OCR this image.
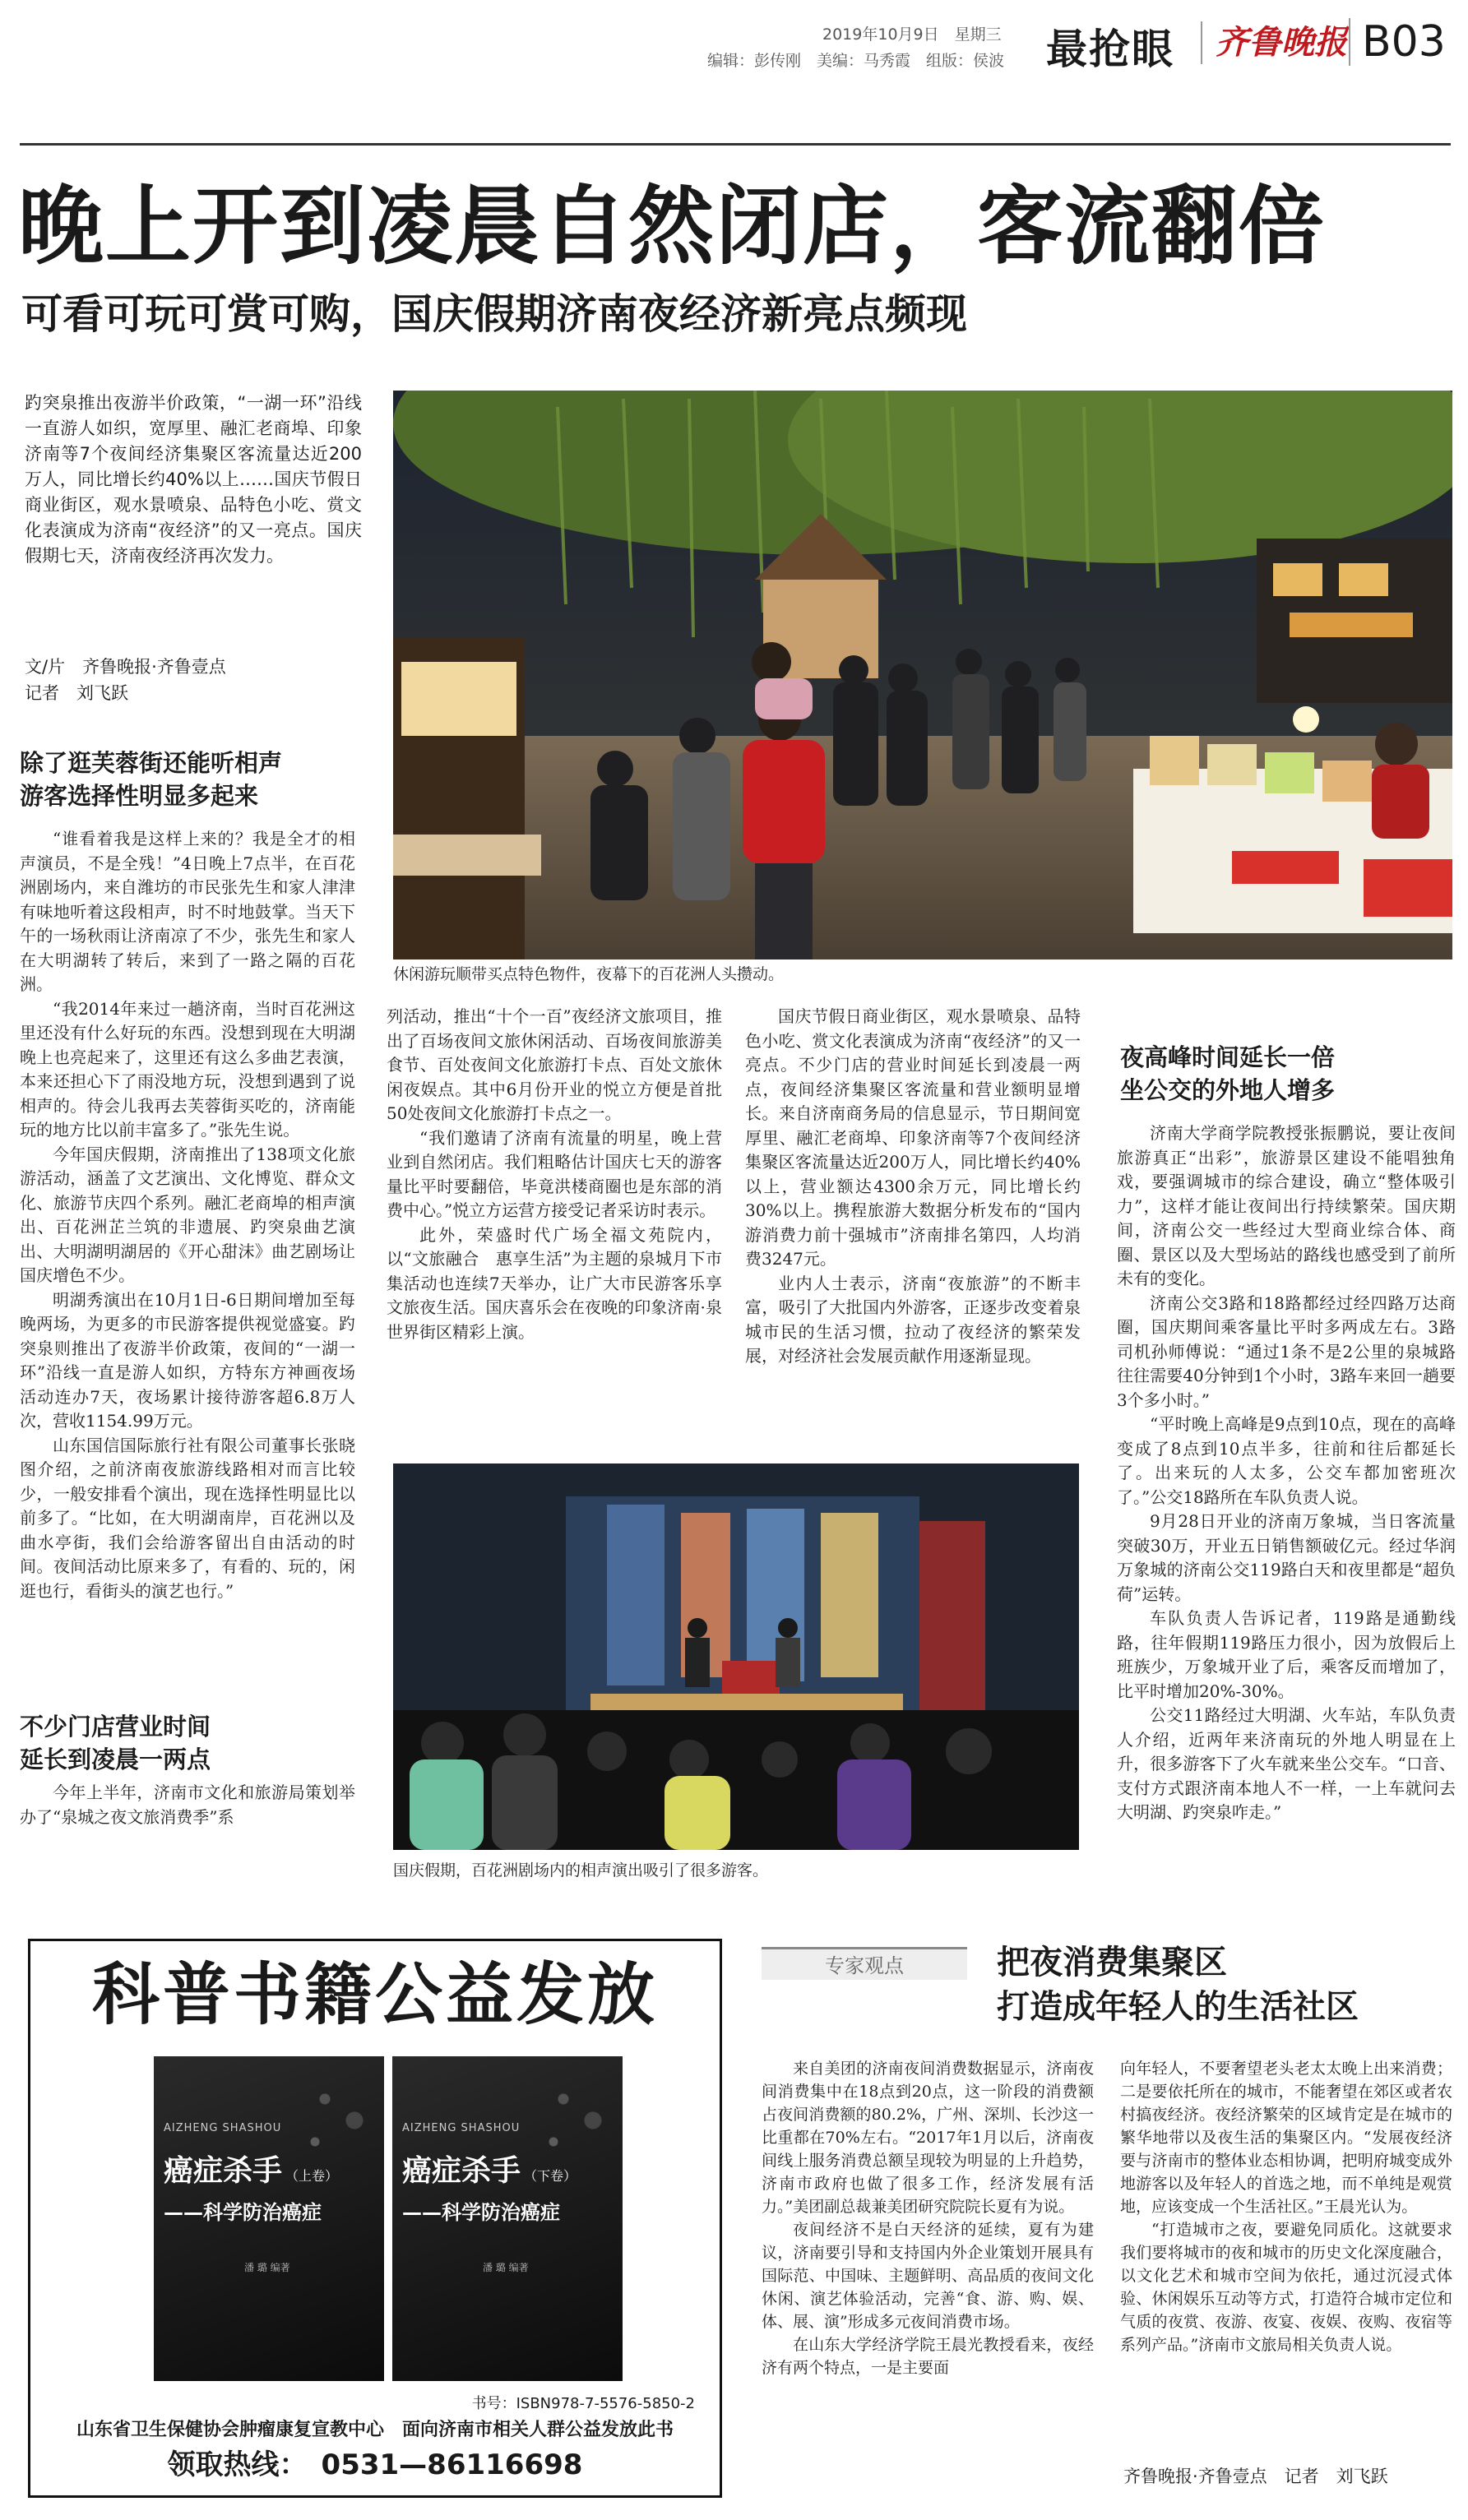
2019年10月9日　星期三
编辑：彭传刚　美编：马秀霞　组版：侯波	最抢眼	齐鲁晚报 B03
晚上开到凌晨自然闭店，客流翻倍
可看可玩可赏可购，国庆假期济南夜经济新亮点频现

趵突泉推出夜游半价政策，“一湖一环”沿线一直游人如织，宽厚里、融汇老商埠、印象济南等7个夜间经济集聚区客流量达近200万人，同比增长约40%以上……国庆节假日商业街区，观水景喷泉、品特色小吃、赏文化表演成为济南“夜经济”的又一亮点。国庆假期七天，济南夜经济再次发力。

文/片　齐鲁晚报·齐鲁壹点
记者　刘飞跃
休闲游玩顺带买点特色物件，夜幕下的百花洲人头攒动。
除了逛芙蓉街还能听相声
游客选择性明显多起来

“谁看着我是这样上来的？我是全才的相声演员，不是全残！”4日晚上7点半，在百花洲剧场内，来自潍坊的市民张先生和家人津津有味地听着这段相声，时不时地鼓掌。当天下午的一场秋雨让济南凉了不少，张先生和家人在大明湖转了转后，来到了一路之隔的百花洲。

“我2014年来过一趟济南，当时百花洲这里还没有什么好玩的东西。没想到现在大明湖晚上也亮起来了，这里还有这么多曲艺表演，本来还担心下了雨没地方玩，没想到遇到了说相声的。待会儿我再去芙蓉街买吃的，济南能玩的地方比以前丰富多了。”张先生说。

今年国庆假期，济南推出了138项文化旅游活动，涵盖了文艺演出、文化博览、群众文化、旅游节庆四个系列。融汇老商埠的相声演出、百花洲芷兰筑的非遗展、趵突泉曲艺演出、大明湖明湖居的《开心甜沫》曲艺剧场让国庆增色不少。

明湖秀演出在10月1日-6日期间增加至每晚两场，为更多的市民游客提供视觉盛宴。趵突泉则推出了夜游半价政策，夜间的“一湖一环”沿线一直是游人如织，方特东方神画夜场活动连办7天，夜场累计接待游客超6.8万人次，营收1154.99万元。

山东国信国际旅行社有限公司董事长张晓图介绍，之前济南夜旅游线路相对而言比较少，一般安排看个演出，现在选择性明显比以前多了。“比如，在大明湖南岸，百花洲以及曲水亭街，我们会给游客留出自由活动的时间。夜间活动比原来多了，有看的、玩的，闲逛也行，看街头的演艺也行。”

不少门店营业时间
延长到凌晨一两点

今年上半年，济南市文化和旅游局策划举办了“泉城之夜文旅消费季”系

列活动，推出“十个一百”夜经济文旅项目，推出了百场夜间文旅休闲活动、百场夜间旅游美食节、百处夜间文化旅游打卡点、百处文旅休闲夜娱点。其中6月份开业的悦立方便是首批50处夜间文化旅游打卡点之一。

“我们邀请了济南有流量的明星，晚上营业到自然闭店。我们粗略估计国庆七天的游客量比平时要翻倍，毕竟洪楼商圈也是东部的消费中心。”悦立方运营方接受记者采访时表示。

此外，荣盛时代广场全福文苑院内，以“文旅融合　惠享生活”为主题的泉城月下市集活动也连续7天举办，让广大市民游客乐享文旅夜生活。国庆喜乐会在夜晚的印象济南·泉世界街区精彩上演。

国庆节假日商业街区，观水景喷泉、品特色小吃、赏文化表演成为济南“夜经济”的又一亮点。不少门店的营业时间延长到凌晨一两点，夜间经济集聚区客流量和营业额明显增长。来自济南商务局的信息显示，节日期间宽厚里、融汇老商埠、印象济南等7个夜间经济集聚区客流量达近200万人，同比增长约40%以上，营业额达4300余万元，同比增长约30%以上。携程旅游大数据分析发布的“国内游消费力前十强城市”济南排名第四，人均消费3247元。

业内人士表示，济南“夜旅游”的不断丰富，吸引了大批国内外游客，正逐步改变着泉城市民的生活习惯，拉动了夜经济的繁荣发展，对经济社会发展贡献作用逐渐显现。

国庆假期，百花洲剧场内的相声演出吸引了很多游客。
夜高峰时间延长一倍
坐公交的外地人增多

济南大学商学院教授张振鹏说，要让夜间旅游真正“出彩”，旅游景区建设不能唱独角戏，要强调城市的综合建设，确立“整体吸引力”，这样才能让夜间出行持续繁荣。国庆期间，济南公交一些经过大型商业综合体、商圈、景区以及大型场站的路线也感受到了前所未有的变化。

济南公交3路和18路都经过经四路万达商圈，国庆期间乘客量比平时多两成左右。3路司机孙师傅说：“通过1条不是2公里的泉城路往往需要40分钟到1个小时，3路车来回一趟要3个多小时。”

“平时晚上高峰是9点到10点，现在的高峰变成了8点到10点半多，往前和往后都延长了。出来玩的人太多，公交车都加密班次了。”公交18路所在车队负责人说。

9月28日开业的济南万象城，当日客流量突破30万，开业五日销售额破亿元。经过华润万象城的济南公交119路白天和夜里都是“超负荷”运转。

车队负责人告诉记者，119路是通勤线路，往年假期119路压力很小，因为放假后上班族少，万象城开业了后，乘客反而增加了，比平时增加20%-30%。

公交11路经过大明湖、火车站，车队负责人介绍，近两年来济南玩的外地人明显在上升，很多游客下了火车就来坐公交车。“口音、支付方式跟济南本地人不一样，一上车就问去大明湖、趵突泉咋走。”

科普书籍公益发放
AIZHENG SHASHOU
癌症杀手 （上卷）
——科学防治癌症
潘 璐 编著
AIZHENG SHASHOU
癌症杀手 （下卷）
——科学防治癌症
潘 璐 编著
书号：ISBN978-7-5576-5850-2
山东省卫生保健协会肿瘤康复宣教中心　面向济南市相关人群公益发放此书
领取热线：　0531—86116698
专家观点	把夜消费集聚区
打造成年轻人的生活社区

来自美团的济南夜间消费数据显示，济南夜间消费集中在18点到20点，这一阶段的消费额占夜间消费额的80.2%，广州、深圳、长沙这一比重都在70%左右。“2017年1月以后，济南夜间线上服务消费总额呈现较为明显的上升趋势，济南市政府也做了很多工作，经济发展有活力。”美团副总裁兼美团研究院院长夏有为说。

夜间经济不是白天经济的延续，夏有为建议，济南要引导和支持国内外企业策划开展具有国际范、中国味、主题鲜明、高品质的夜间文化休闲、演艺体验活动，完善“食、游、购、娱、体、展、演”形成多元夜间消费市场。

在山东大学经济学院王晨光教授看来，夜经济有两个特点，一是主要面

向年轻人，不要奢望老头老太太晚上出来消费；二是要依托所在的城市，不能奢望在郊区或者农村搞夜经济。夜经济繁荣的区域肯定是在城市的繁华地带以及夜生活的集聚区内。“发展夜经济要与济南市的整体业态相协调，把明府城变成外地游客以及年轻人的首选之地，而不单纯是观赏地，应该变成一个生活社区。”王晨光认为。

“打造城市之夜，要避免同质化。这就要求我们要将城市的夜和城市的历史文化深度融合，以文化艺术和城市空间为依托，通过沉浸式体验、休闲娱乐互动等方式，打造符合城市定位和气质的夜赏、夜游、夜宴、夜娱、夜购、夜宿等系列产品。”济南市文旅局相关负责人说。

齐鲁晚报·齐鲁壹点　记者　刘飞跃
